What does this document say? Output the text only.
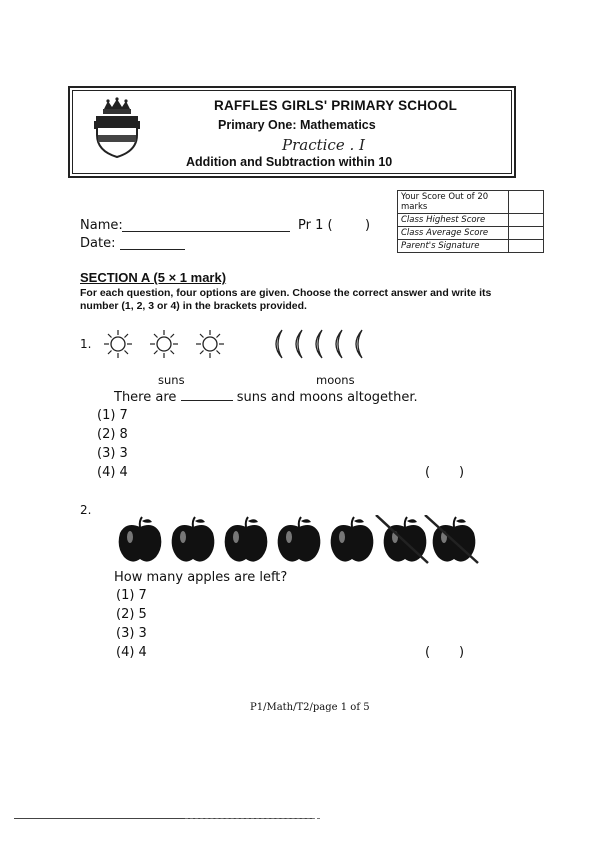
RAFFLES GIRLS' PRIMARY SCHOOL
Primary One: Mathematics
Practice . I
Addition and Subtraction within 10
Your Score Out of 20 marks	
Class Highest Score	
Class Average Score	
Parent's Signature	
Name:	Pr 1 ( )
Date:
SECTION A (5 × 1 mark)
For each question, four options are given. Choose the correct answer and write its number (1, 2, 3 or 4) in the brackets provided.
1.
suns	moons
There are	suns and moons altogether.
(1) 7
(2) 8
(3) 3
(4) 4	(       )
2.
How many apples are left?
(1) 7
(2) 5
(3) 3
(4) 4	(       )
P1/Math/T2/page 1 of 5
